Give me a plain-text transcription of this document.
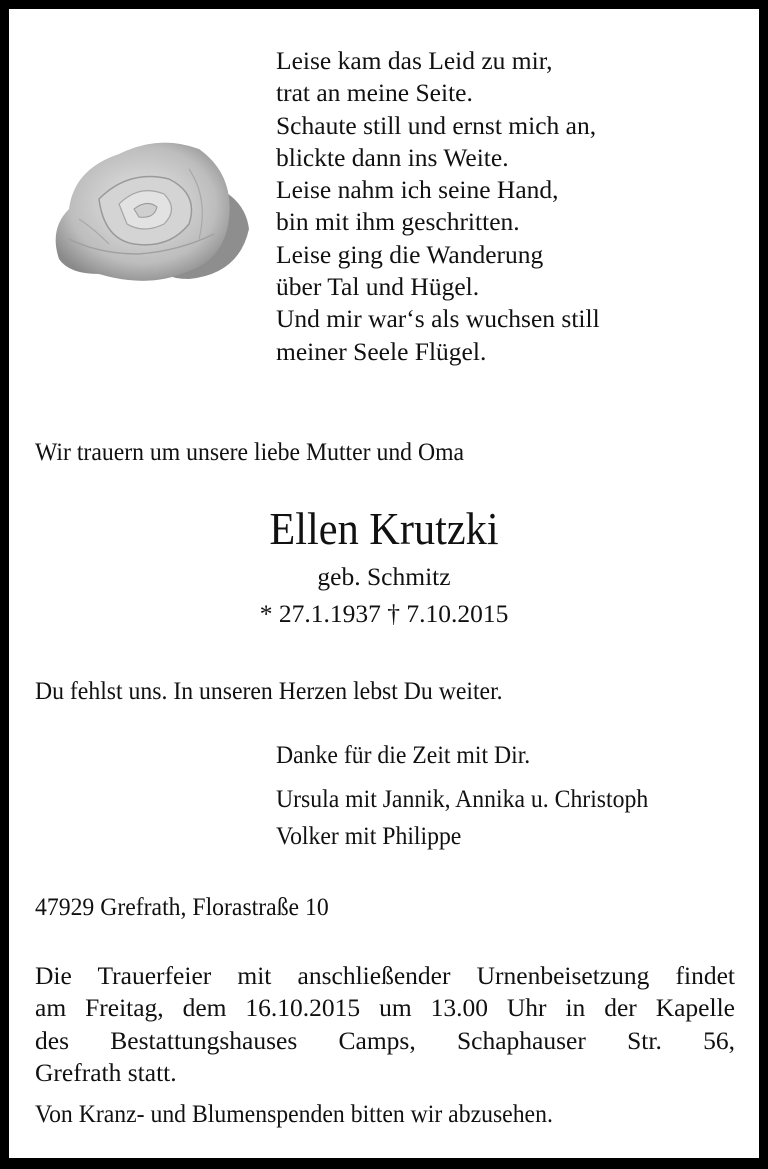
Leise kam das Leid zu mir,
trat an meine Seite.
Schaute still und ernst mich an,
blickte dann ins Weite.
Leise nahm ich seine Hand,
bin mit ihm geschritten.
Leise ging die Wanderung
über Tal und Hügel.
Und mir war‘s als wuchsen still
meiner Seele Flügel.
Wir trauern um unsere liebe Mutter und Oma
Ellen Krutzki
geb. Schmitz
* 27.1.1937 † 7.10.2015
Du fehlst uns. In unseren Herzen lebst Du weiter.
Danke für die Zeit mit Dir.
Ursula mit Jannik, Annika u. Christoph
Volker mit Philippe
47929 Grefrath, Florastraße 10
Die Trauerfeier mit anschließender Urnenbeisetzung findet
am Freitag, dem 16.10.2015 um 13.00 Uhr in der Kapelle
des Bestattungshauses Camps, Schaphauser Str. 56,
Grefrath statt.
Von Kranz- und Blumenspenden bitten wir abzusehen.
